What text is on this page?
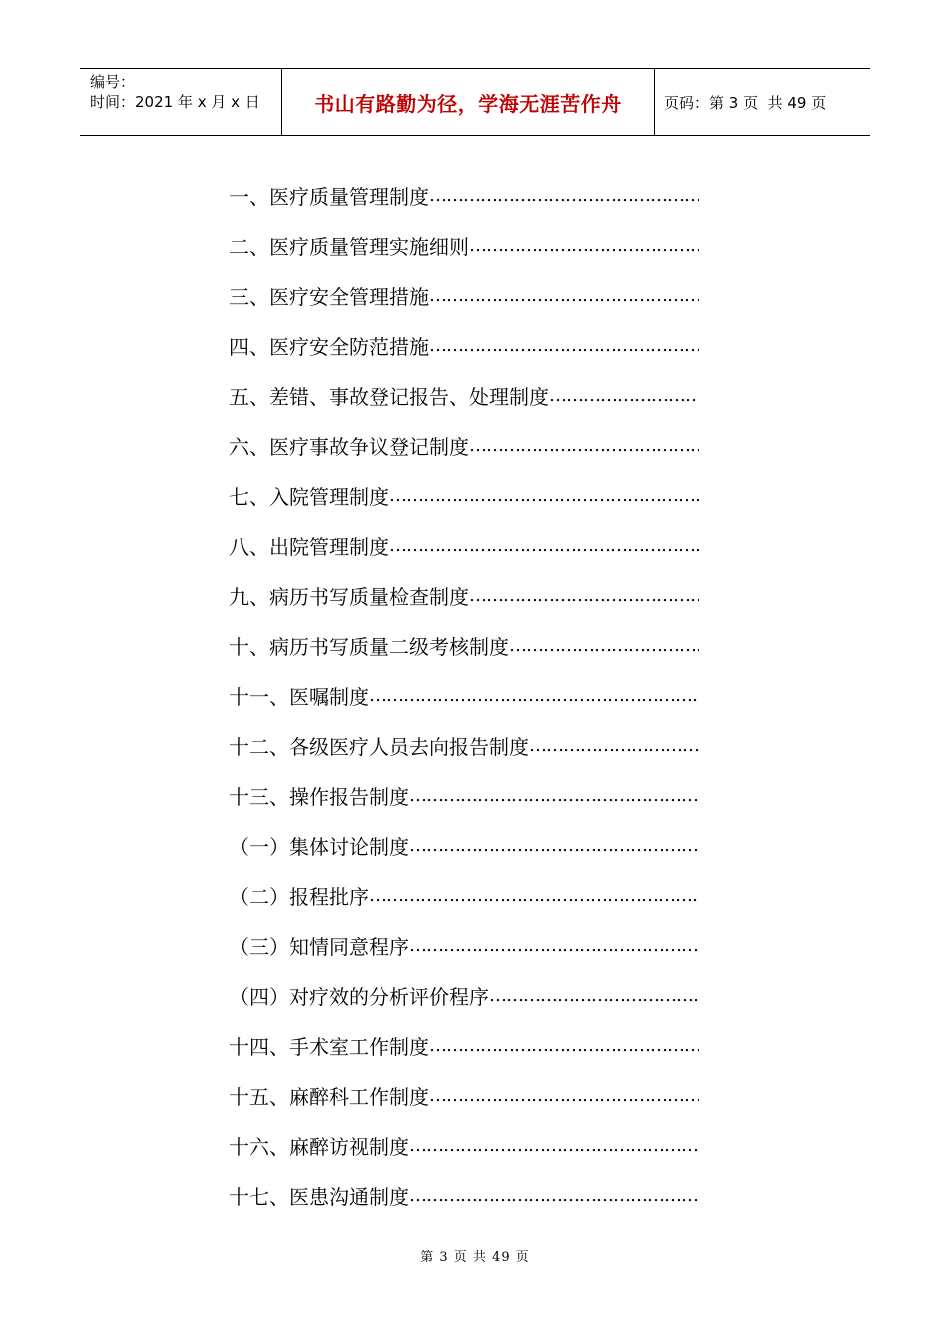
编号：
时间：2021 年 x 月 x 日	书山有路勤为径，学海无涯苦作舟	页码：第 3 页  共 49 页
一、医疗质量管理制度
…………………………………………………………………………
二、医疗质量管理实施细则
…………………………………………………………………………
三、医疗安全管理措施
…………………………………………………………………………
四、医疗安全防范措施
…………………………………………………………………………
五、差错、事故登记报告、处理制度
…………………………………………………………………………
六、医疗事故争议登记制度
…………………………………………………………………………
七、入院管理制度
…………………………………………………………………………
八、出院管理制度
…………………………………………………………………………
九、病历书写质量检查制度
…………………………………………………………………………
十、病历书写质量二级考核制度
…………………………………………………………………………
十一、医嘱制度
…………………………………………………………………………
十二、各级医疗人员去向报告制度
…………………………………………………………………………
十三、操作报告制度
…………………………………………………………………………
（一）集体讨论制度
…………………………………………………………………………
（二）报程批序
…………………………………………………………………………
（三）知情同意程序
…………………………………………………………………………
（四）对疗效的分析评价程序
…………………………………………………………………………
十四、手术室工作制度
…………………………………………………………………………
十五、麻醉科工作制度
…………………………………………………………………………
十六、麻醉访视制度
…………………………………………………………………………
十七、医患沟通制度
…………………………………………………………………………
第 3 页 共 49 页
